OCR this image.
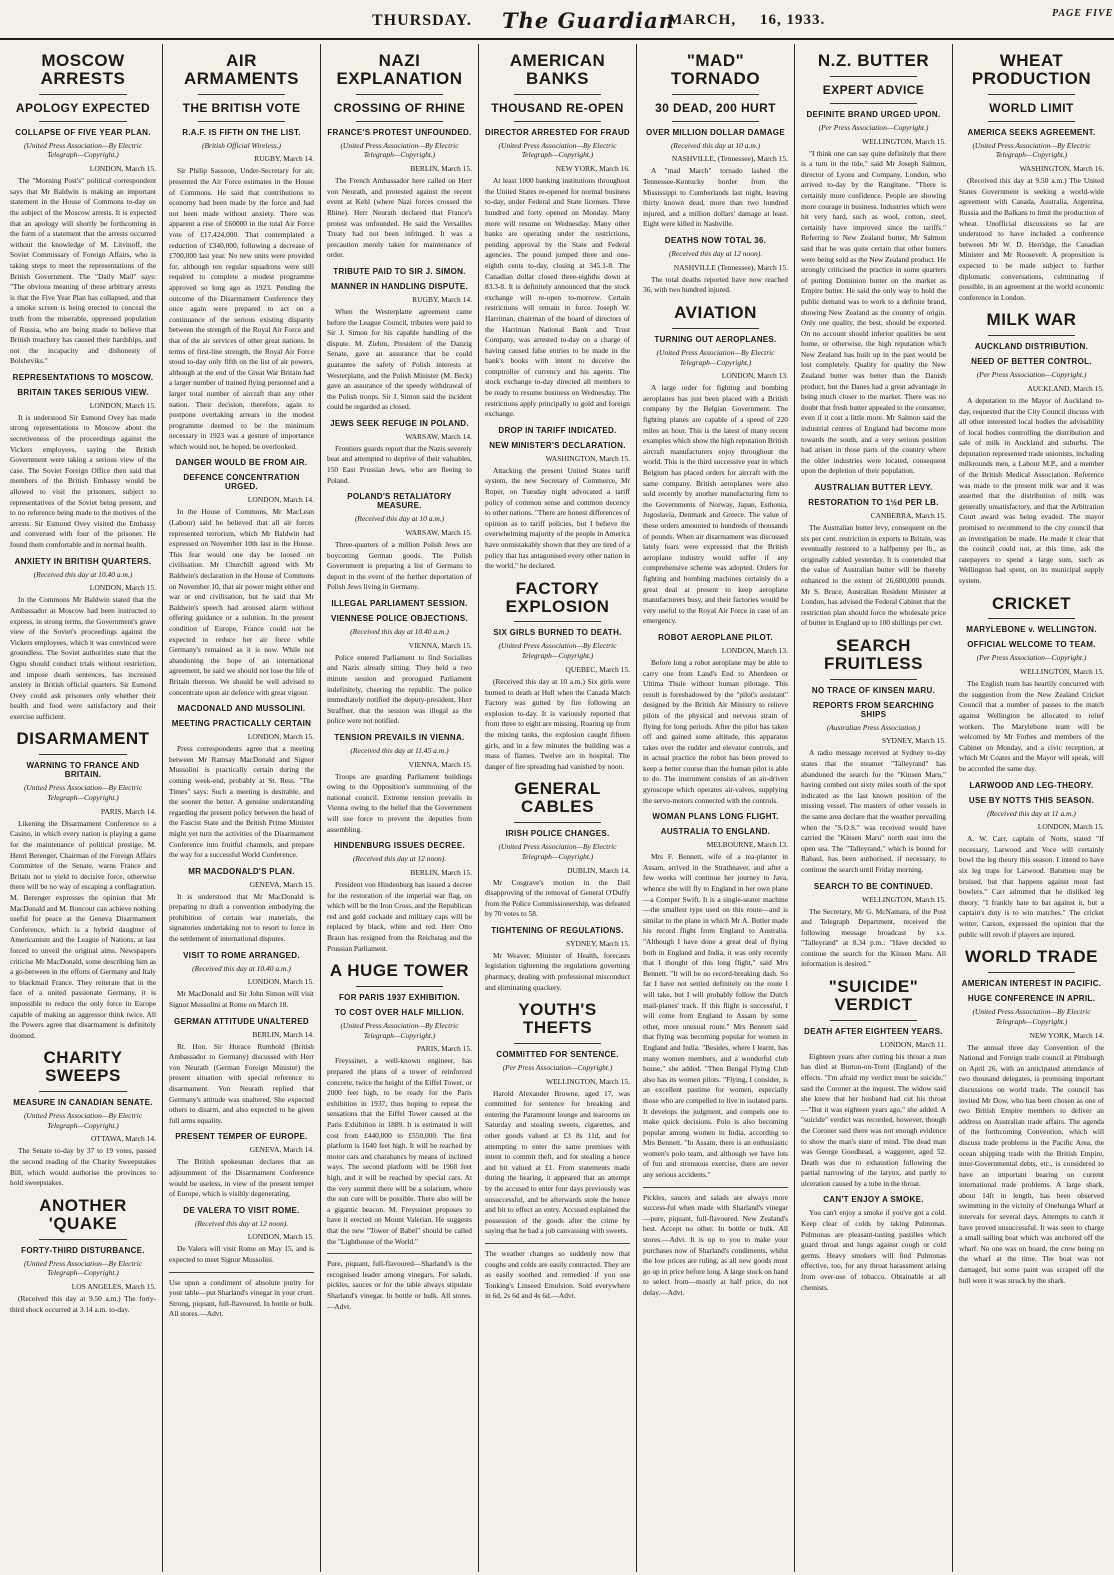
THURSDAY. The Guardian
MARCH, 16, 1933.	PAGE FIVE
MOSCOW ARRESTS
APOLOGY EXPECTED
COLLAPSE OF FIVE YEAR PLAN.
(United Press Association—By Electric Telegraph—Copyright.)
LONDON, March 15.

The "Morning Post's" political correspondent says that Mr Baldwin is making an important statement in the House of Commons to-day on the subject of the Moscow arrests. It is expected that an apology will shortly be forthcoming in the form of a statement that the arrests occurred without the knowledge of M. Litvinoff, the Soviet Commissary of Foreign Affairs, who is taking steps to meet the representations of the British Government. The "Daily Mail" says: "The obvious meaning of these arbitrary arrests is that the Five Year Plan has collapsed, and that a smoke screen is being erected to conceal the truth from the miserable, oppressed population of Russia, who are being made to believe that British treachery has caused their hardships, and not the incapacity and dishonesty of Bolsheviks."

REPRESENTATIONS TO MOSCOW.
BRITAIN TAKES SERIOUS VIEW.
LONDON, March 15.

It is understood Sir Esmond Ovey has made strong representations to Moscow about the secretiveness of the proceedings against the Vickers employees, saying the British Government were taking a serious view of the case. The Soviet Foreign Office then said that members of the British Embassy would be allowed to visit the prisoners, subject to representatives of the Soviet being present, and to no reference being made to the motives of the arrests. Sir Esmond Ovey visited the Embassy and conversed with four of the prisoner. He found them comfortable and in normal health.

ANXIETY IN BRITISH QUARTERS.
(Received this day at 10.40 a.m.)
LONDON, March 15.

In the Commons Mr Baldwin stated that the Ambassador at Moscow had been instructed to express, in strong terms, the Government's grave view of the Soviet's proceedings against the Vickers employees, which it was convinced were groundless. The Soviet authorities state that the Ogpu should conduct trials without restriction, and impose death sentences, has increased anxiety in British official quarters. Sir Esmond Ovey could ask prisoners only whether their health and food were satisfactory and their exercise sufficient.

DISARMAMENT
WARNING TO FRANCE AND BRITAIN.
(United Press Association—By Electric Telegraph—Copyright.)
PARIS, March 14.

Likening the Disarmament Conference to a Casino, in which every nation is playing a game for the maintenance of political prestige, M. Henri Berenger, Chairman of the Foreign Affairs Committee of the Senate, warns France and Britain not to yield to decisive force, otherwise there will be no way of escaping a conflagration. M. Berenger expresses the opinion that Mr MacDonald and M. Boncour can achieve nothing useful for peace at the Geneva Disarmament Conference, which is a hybrid daughter of Americanism and the League of Nations, at last forced to unveil the original aims. Newspapers criticise Mr MacDonald, some describing him as a go-between in the efforts of Germany and Italy to blackmail France. They reiterate that in the face of a united passionate Germany, it is impossible to reduce the only force in Europe capable of making an aggressor think twice. All the Powers agree that disarmament is definitely doomed.

CHARITY SWEEPS
MEASURE IN CANADIAN SENATE.
(United Press Association—By Electric Telegraph—Copyright.)
OTTAWA, March 14.

The Senate to-day by 37 to 19 votes, passed the second reading of the Charity Sweepstakes Bill, which would authorise the provinces to hold sweepstakes.

ANOTHER 'QUAKE
FORTY-THIRD DISTURBANCE.
(United Press Association—By Electric Telegraph—Copyright.)
LOS ANGELES, March 15.

(Received this day at 9.50 a.m.) The forty-third shock occurred at 3.14 a.m. to-day.

AIR ARMAMENTS
THE BRITISH VOTE
R.A.F. IS FIFTH ON THE LIST.
(British Official Wireless.)
RUGBY, March 14.

Sir Philip Sassoon, Under-Secretary for air, presented the Air Force estimates in the House of Commons. He said that contributions to economy had been made by the force and had not been made without anxiety. There was apparent a rise of £60000 in the total Air Force vote of £17,424,000. That contemplated a reduction of £340,000, following a decrease of £700,000 last year. No new units were provided for, although ten regular squadrons were still required to complete a modest programme approved so long ago as 1923. Pending the outcome of the Disarmament Conference they once again were prepared to act on a continuance of the serious existing disparity between the strength of the Royal Air Force and that of the air services of other great nations. In terms of first-line strength, the Royal Air Force stood to-day only fifth on the list of air powers, although at the end of the Great War Britain had a larger number of trained flying personnel and a larger total number of aircraft than any other nation. Their decision, therefore, again to postpone overtaking arrears in the modest programme deemed to be the minimum necessary in 1923 was a gesture of importance which would not, he hoped, be overlooked.

DANGER WOULD BE FROM AIR.
DEFENCE CONCENTRATION URGED.
LONDON, March 14.

In the House of Commons, Mr MacLean (Labour) said he believed that all air forces represented terrorism, which Mr Baldwin had expressed on November 10th last in the House. This fear would one day be loosed on civilisation. Mr Churchill agreed with Mr Baldwin's declaration in the House of Commons on November 10, that air power might either end war or end civilisation, but he said that Mr Baldwin's speech had aroused alarm without offering guidance or a solution. In the present condition of Europe, France could not be expected to reduce her air force while Germany's remained as it is now. While not abandoning the hope of an international agreement, he said we should not lose the life of Britain thereon. We should be well advised to concentrate upon air defence with great vigour.

MACDONALD AND MUSSOLINI.
MEETING PRACTICALLY CERTAIN
LONDON, March 15.

Press correspondents agree that a meeting between Mr Ramsay MacDonald and Signor Mussolini is practically certain during the coming week-end, probably at St. Ress. "The Times" says: Such a meeting is desirable, and the sooner the better. A genuine understanding regarding the present policy between the head of the Fascist State and the British Prime Minister might yet turn the activities of the Disarmament Conference into fruitful channels, and prepare the way for a successful World Conference.

MR MACDONALD'S PLAN.
GENEVA, March 15.

It is understood that Mr MacDonald is preparing to draft a convention embodying the prohibition of certain war materials, the signatories undertaking not to resort to force in the settlement of international disputes.

VISIT TO ROME ARRANGED.
(Received this day at 10.40 a.m.)
LONDON, March 15.

Mr MacDonald and Sir John Simon will visit Signor Mussolini at Rome on March 18.

GERMAN ATTITUDE UNALTERED
BERLIN, March 14.

Rt. Hon. Sir Horace Rumbold (British Ambassador to Germany) discussed with Herr von Neurath (German Foreign Minister) the present situation with special reference to disarmament. Von Neurath replied that Germany's attitude was unaltered. She expected others to disarm, and also expected to be given full arms equality.

PRESENT TEMPER OF EUROPE.
GENEVA, March 14.

The British spokesman declares that an adjournment of the Disarmament Conference would be useless, in view of the present temper of Europe, which is visibly degenerating.

DE VALERA TO VISIT ROME.
(Received this day at 12 noon).
LONDON, March 15.

De Valera will visit Rome on May 15, and is expected to meet Signor Mussolini.

Use upon a condiment of absolute purity for your table—put Sharland's vinegar in your cruet. Strong, piquant, full-flavoured. In bottle or bulk. All stores.—Advt.
NAZI EXPLANATION
CROSSING OF RHINE
FRANCE'S PROTEST UNFOUNDED.
(United Press Association—By Electric Telegraph—Copyright.)
BERLIN, March 15.

The French Ambassador here called on Herr von Neurath, and protested against the recent event at Kehl (where Nazi forces crossed the Rhine). Herr Neurath declared that France's protest was unfounded. He said the Versailles Treaty had not been infringed. It was a precaution merely taken for maintenance of order.

TRIBUTE PAID TO SIR J. SIMON.
MANNER IN HANDLING DISPUTE.
RUGBY, March 14.

When the Westerplatte agreement came before the League Council, tributes were paid to Sir J. Simon for his capable handling of the dispute. M. Ziehm, President of the Danzig Senate, gave an assurance that he could guarantee the safety of Polish interests at Westerplatte, and the Polish Minister (M. Beck) gave an assurance of the speedy withdrawal of the Polish troops. Sir J. Simon said the incident could be regarded as closed.

JEWS SEEK REFUGE IN POLAND.
WARSAW, March 14.

Frontiers guards report that the Nazis severely beat and attempted to deprive of their valuables, 150 East Prussian Jews, who are fleeing to Poland.

POLAND'S RETALIATORY MEASURE.
(Received this day at 10 a.m.)
WARSAW, March 15.

Three-quarters of a million Polish Jews are boycotting German goods. The Polish Government is preparing a list of Germans to deport in the event of the further deportation of Polish Jews living in Germany.

ILLEGAL PARLIAMENT SESSION.
VIENNESE POLICE OBJECTIONS.
(Received this day at 10.40 a.m.)
VIENNA, March 15.

Police entered Parliament to find Socialists and Nazis already sitting. They held a two minute session and prorogued Parliament indefinitely, cheering the republic. The police immediately notified the deputy-president, Herr Straffner, that the session was illegal as the police were not notified.

TENSION PREVAILS IN VIENNA.
(Received this day at 11.45 a.m.)
VIENNA, March 15.

Troops are guarding Parliament buildings owing to the Opposition's summoning of the national council. Extreme tension prevails in Vienna owing to the belief that the Government will use force to prevent the deputies from assembling.

HINDENBURG ISSUES DECREE.
(Received this day at 12 noon).
BERLIN, March 15.

President von Hindenburg has issued a decree for the restoration of the imperial war flag, on which will be the Iron Cross, and the Republican red and gold cockade and military caps will be replaced by black, white and red. Herr Otto Braun has resigned from the Reichstag and the Prussian Parliament.

A HUGE TOWER
FOR PARIS 1937 EXHIBITION.
TO COST OVER HALF MILLION.
(United Press Association—By Electric Telegraph—Copyright.)
PARIS, March 15.

Freyssinet, a well-known engineer, has prepared the plans of a tower of reinforced concrete, twice the height of the Eiffel Tower, or 2000 feet high, to be ready for the Paris exhibition in 1937, thus hoping to repeat the sensations that the Eiffel Tower caused at the Paris Exhibition in 1889. It is estimated it will cost from £440,000 to £550,000. The first platform is 1640 feet high. It will be reached by motor cars and charabancs by means of inclined ways. The second platform will be 1968 feet high, and it will be reached by special cars. At the very summit there will be a solarium, where the sun cure will be possible. There also will be a gigantic beacon. M. Freyssinet proposes to have it erected on Mount Valerian. He suggests that the new "Tower of Babel" should be called the "Lighthouse of the World."

Pure, piquant, full-flavoured—Sharland's is the recognised leader among vinegars. For salads, pickles, sauces or for the table always stipulate Sharland's vinegar. In bottle or bulk. All stores.—Advt.
AMERICAN BANKS
THOUSAND RE-OPEN
DIRECTOR ARRESTED FOR FRAUD
(United Press Association—By Electric Telegraph—Copyright.)
NEW YORK, March 16.

At least 1000 banking institutions throughout the United States re-opened for normal business to-day, under Federal and State licenses. Three hundred and forty opened on Monday. Many more will resume on Wednesday. Many other banks are operating under the restrictions, pending approval by the State and Federal agencies. The pound jumped three and one-eighth cents to-day, closing at 345.1-8. The Canadian dollar closed three-eighths down at 83.3-8. It is definitely announced that the stock exchange will re-open to-morrow. Certain restrictions will remain in force. Joseph W. Harriman, chairman of the board of directors of the Harriman National Bank and Trust Company, was arrested to-day on a charge of having caused false entries to be made in the bank's books with intent to deceive the comptroller of currency and his agents. The stock exchange to-day directed all members to be ready to resume business on Wednesday. The restrictions apply principally to gold and foreign exchange.

DROP IN TARIFF INDICATED.
NEW MINISTER'S DECLARATION.
WASHINGTON, March 15.

Attacking the present United States tariff system, the new Secretary of Commerce, Mr Roper, on Tuesday night advocated a tariff policy of common sense and common decency to other nations. "There are honest differences of opinion as to tariff policies, but I believe the overwhelming majority of the people in America have unmistakably shown that they are tired of a policy that has antagonised every other nation in the world," he declared.

FACTORY EXPLOSION
SIX GIRLS BURNED TO DEATH.
(United Press Association—By Electric Telegraph—Copyright.)
QUEBEC, March 15.

(Received this day at 10 a.m.) Six girls were burned to death at Hull when the Canada Match Factory was gutted by fire following an explosion to-day. It is variously reported that from three to eight are missing. Roaring up from the mixing tanks, the explosion caught fifteen girls, and in a few minutes the building was a mass of flames. Twelve are in hospital. The danger of fire spreading had vanished by noon.

GENERAL CABLES
IRISH POLICE CHANGES.
(United Press Association—By Electric Telegraph—Copyright.)
DUBLIN, March 14.

Mr Cosgrave's motion in the Dail disapproving of the removal of General O'Duffy from the Police Commissionership, was defeated by 70 votes to 58.

TIGHTENING OF REGULATIONS.
SYDNEY, March 15.

Mr Weaver, Minister of Health, forecasts legislation tightening the regulations governing pharmacy, dealing with professional misconduct and eliminating quackery.

YOUTH'S THEFTS
COMMITTED FOR SENTENCE.
(Per Press Association—Copyright.)
WELLINGTON, March 15.

Harold Alexander Browne, aged 17, was committed for sentence for breaking and entering the Paramount lounge and tearooms on Saturday and stealing sweets, cigarettes, and other goods valued at £3 8s 11d, and for attempting to enter the same premises with intent to commit theft, and for stealing a hence and bit valued at £1. From statements made during the hearing, it appeared that an attempt by the accused to enter four days previously was unsuccessful, and he afterwards stole the hence and bit to effect an entry. Accused explained the possession of the goods after the crime by saying that he had a job canvassing with sweets.

The weather changes so suddenly now that coughs and colds are easily contracted. They are as easily soothed and remedied if you use Tonking's Linseed Emulsion. Sold everywhere in 6d, 2s 6d and 4s 6d.—Advt.
"MAD" TORNADO
30 DEAD, 200 HURT
OVER MILLION DOLLAR DAMAGE
(Received this day at 10 a.m.)
NASHVILLE, (Tennessee), March 15.

A "mad March" tornado lashed the Tennessee-Kentucky border from the Mississippi to Cumberlands last night, leaving thirty known dead, more than two hundred injured, and a million dollars' damage at least. Eight were killed in Nashville.

DEATHS NOW TOTAL 36.
(Received this day at 12 noon).
NASHVILLE (Tennessee), March 15.

The total deaths reported have now reached 36, with two hundred injured.

AVIATION
TURNING OUT AEROPLANES.
(United Press Association—By Electric Telegraph—Copyright.)
LONDON, March 13.

A large order for fighting and bombing aeroplanes has just been placed with a British company by the Belgian Government. The fighting planes are capable of a speed of 220 miles an hour. This is the latest of many recent examples which show the high reputation British aircraft manufacturers enjoy throughout the world. This is the third successive year in which Belgium has placed orders for aircraft with the same company. British aeroplanes were also sold recently by another manufacturing firm to the Governments of Norway, Japan, Esthonia, Jugoslavia, Denmark and Greece. The value of these orders amounted to hundreds of thousands of pounds. When air disarmament was discussed lately fears were expressed that the British aeroplane industry would suffer if any comprehensive scheme was adopted. Orders for fighting and bombing machines certainly do a great deal at present to keep aeroplane manufacturers busy, and their factories would be very useful to the Royal Air Force in case of an emergency.

ROBOT AEROPLANE PILOT.
LONDON, March 13.

Before long a robot aeroplane may be able to carry one from Land's End to Aberdeen or Ultima Thule without human pilotage. This result is foreshadowed by the "pilot's assistant" designed by the British Air Ministry to relieve pilots of the physical and nervous strain of flying for long periods. After the pilot has taken off and gained some altitude, this apparatus takes over the rudder and elevator controls, and in actual practice the robot has been proved to keep a better course than the human pilot is able to do. The instrument consists of an air-driven gyroscope which operates air-valves, supplying the servo-motors connected with the controls.

WOMAN PLANS LONG FLIGHT.
AUSTRALIA TO ENGLAND.
MELBOURNE, March 13.

Mrs F. Bennett, wife of a tea-planter in Assam, arrived in the Strathnaver, and after a few weeks will continue her journey to Java, whence she will fly to England in her own plane—a Comper Swift. It is a single-seater machine—the smallest type used on this route—and is similar to the plane in which Mr A. Butler made his record flight from England to Australia. "Although I have done a great deal of flying both in England and India, it was only recently that I thought of this long flight," said Mrs Bennett. "It will be no record-breaking dash. So far I have not settled definitely on the route I will take, but I will probably follow the Dutch mail-planes' track. If this flight is successful, I will come from England to Assam by some other, more unusual route." Mrs Bennett said that flying was becoming popular for women in England and India. "Besides, where I learnt, has many women members, and a wonderful club house," she added. "Then Bengal Flying Club also has its women pilots. "Flying, I consider, is an excellent pastime for women, especially those who are compelled to live in isolated parts. It develops the judgment, and compels one to make quick decisions. Polo is also becoming popular among women in India, according to Mrs Bennett. "In Assam, there is an enthusiastic women's polo team, and although we have lots of fun and strenuous exercise, there are never any serious accidents."

Pickles, sauces and salads are always more success-ful when made with Sharland's vinegar—pure, piquant, full-flavoured. New Zealand's best. Accept no other. In bottle or bulk. All stores.—Advt. It is up to you to make your purchases now of Sharland's condiments, whilst the low prices are ruling, as all new goods must go up in price before long. A large stock on hand to select from—mostly at half price, do not delay.—Advt.
N.Z. BUTTER
EXPERT ADVICE
DEFINITE BRAND URGED UPON.
(Per Press Association—Copyright.)
WELLINGTON, March 15.

"I think one can say quite definitely that there is a turn in the tide," said Mr Joseph Salmon, director of Lyons and Company, London, who arrived to-day by the Rangitane. "There is certainly more confidence. People are showing more courage in business. Industries which were hit very hard, such as wool, cotton, steel, certainly have improved since the tariffs." Referring to New Zealand butter, Mr Salmon said that he was quite certain that other butters were being sold as the New Zealand product. He strongly criticised the practice in some quarters of putting Dominion butter on the market as Empire butter. He said the only way to hold the public demand was to work to a definite brand, showing New Zealand as the country of origin. Only one quality, the best, should be exported. On no account should inferior qualities be sent home, or otherwise, the high reputation which New Zealand has built up in the past would be lost completely. Quality for quality the New Zealand butter was better than the Danish product, but the Danes had a great advantage in being much closer to the market. There was no doubt that fresh butter appealed to the consumer, even if it cost a little more. Mr Salmon said the industrial centres of England had become more towards the south, and a very serious position had arisen in those parts of the country where the older industries were located, consequent upon the depletion of their population.

AUSTRALIAN BUTTER LEVY.
RESTORATION TO 1½d PER LB.
CANBERRA, March 15.

The Australian butter levy, consequent on the six per cent. restriction in exports to Britain, was eventually restored to a halfpenny per lb., as originally cabled yesterday. It is contended that the value of Australian butter will be thereby enhanced to the extent of 26,600,000 pounds. Mr S. Bruce, Australian Resident Minister at London, has advised the Federal Cabinet that the restriction plan should force the wholesale price of butter in England up to 100 shillings per cwt.

SEARCH FRUITLESS
NO TRACE OF KINSEN MARU.
REPORTS FROM SEARCHING SHIPS
(Australian Press Association.)
SYDNEY, March 15.

A radio message received at Sydney to-day states that the steamer "Talleyrand" has abandoned the search for the "Kinsen Maru," having combed out sixty miles south of the spot indicated as the last known position of the missing vessel. The masters of other vessels in the same area declare that the weather prevailing when the "S.O.S." was received would have carried the "Kinsen Maru" north east into the open sea. The "Talleyrand," which is bound for Rabaul, has been authorised, if necessary, to continue the search until Friday morning.

SEARCH TO BE CONTINUED.
WELLINGTON, March 15.

The Secretary, Mr G. McNamara, of the Post and Telegraph Department, received the following message broadcast by s.s. "Talleyrand" at 8.34 p.m.: "Have decided to continue the search for the Kinsen Maru. All information is desired."

"SUICIDE" VERDICT
DEATH AFTER EIGHTEEN YEARS.
LONDON, March 11.

Eighteen years after cutting his throat a man has died at Burton-on-Trent (England) of the effects. "I'm afraid my verdict must be suicide," said the Coroner at the inquest. The widow said she knew that her husband had cut his throat—"But it was eighteen years ago," she added. A "suicide" verdict was recorded, however, though the Coroner said there was not enough evidence to show the man's state of mind. The dead man was George Goodhead, a waggoner, aged 52. Death was due to exhaustion following the partial narrowing of the larynx, and partly to ulceration caused by a tube in the throat.

CAN'T ENJOY A SMOKE.

You can't enjoy a smoke if you've got a cold. Keep clear of colds by taking Pulmonas. Pulmonas are pleasant-tasting pastilles which guard throat and lungs against cough or cold germs. Heavy smokers will find Pulmonas effective, too, for any throat harassment arising from over-use of tobacco. Obtainable at all chemists.

WHEAT PRODUCTION
WORLD LIMIT
AMERICA SEEKS AGREEMENT.
(United Press Association—By Electric Telegraph—Copyright.)
WASHINGTON, March 16.

(Received this day at 9.50 a.m.) The United States Government is seeking a world-wide agreement with Canada, Australia, Argentina, Russia and the Balkans to limit the production of wheat. Unofficial discussions so far are understood to have included a conference between Mr W. D. Herridge, the Canadian Minister and Mr Roosevelt. A proposition is expected to be made subject to further diplomatic conversations, culminating if possible, in an agreement at the world economic conference in London.

MILK WAR
AUCKLAND DISTRIBUTION.
NEED OF BETTER CONTROL.
(Per Press Association—Copyright.)
AUCKLAND, March 15.

A deputation to the Mayor of Auckland to-day, requested that the City Council discuss with all other interested local bodies the advisability of local bodies controlling the distribution and sale of milk in Auckland and suburbs. The deputation represented trade unionists, including milkrounds men, a Labour M.P., and a member of the British Medical Association. Reference was made to the present milk war and it was asserted that the distribution of milk was generally unsatisfactory, and that the Arbitration Court award was being evaded. The mayor promised to recommend to the city council that an investigation be made. He made it clear that the council could not, at this time, ask the ratepayers to spend a large sum, such as Wellington had spent, on its municipal supply system.

CRICKET
MARYLEBONE v. WELLINGTON.
OFFICIAL WELCOME TO TEAM.
(Per Press Association—Copyright.)
WELLINGTON, March 15.

The English team has heartily concurred with the suggestion from the New Zealand Cricket Council that a number of passes to the match against Wellington be allocated to relief workers. The Marylebone team will be welcomed by Mr Forbes and members of the Cabinet on Monday, and a civic reception, at which Mr Coates and the Mayor will speak, will be accorded the same day.

LARWOOD AND LEG-THEORY.
USE BY NOTTS THIS SEASON.
(Received this day at 11 a.m.)
LONDON, March 15.

A. W. Carr, captain of Notts, stated "If necessary, Larwood and Voce will certainly bowl the leg theory this season. I intend to have six leg traps for Larwood. Batsmen may be bruised, but that happens against most fast bowlers." Carr admitted that he disliked leg theory. "I frankly hate to bat against it, but a captain's duty is to win matches." The cricket writer, Carson, expressed the opinion that the public will revolt if players are injured.

WORLD TRADE
AMERICAN INTEREST IN PACIFIC.
HUGE CONFERENCE IN APRIL.
(United Press Association—By Electric Telegraph—Copyright.)
NEW YORK, March 14.

The annual three day Convention of the National and Foreign trade council at Pittsburgh on April 26, with an anticipated attendance of two thousand delegates, is promising important discussions on world trade. The council has invited Mr Dow, who has been chosen as one of two British Empire members to deliver an address on Australian trade affairs. The agenda of the forthcoming Convention, which will discuss trade problems in the Pacific Area, the ocean shipping trade with the British Empire, inter-Governmental debts, etc., is considered to have an important bearing on current international trade problems. A large shark, about 14ft in length, has been observed swimming in the vicinity of Onehunga Wharf at intervals for several days. Attempts to catch it have proved unsuccessful. It was seen to charge a small sailing boat which was anchored off the wharf. No one was on board, the crew being on the wharf at the time. The boat was not damaged, but some paint was scraped off the hull were it was struck by the shark.
